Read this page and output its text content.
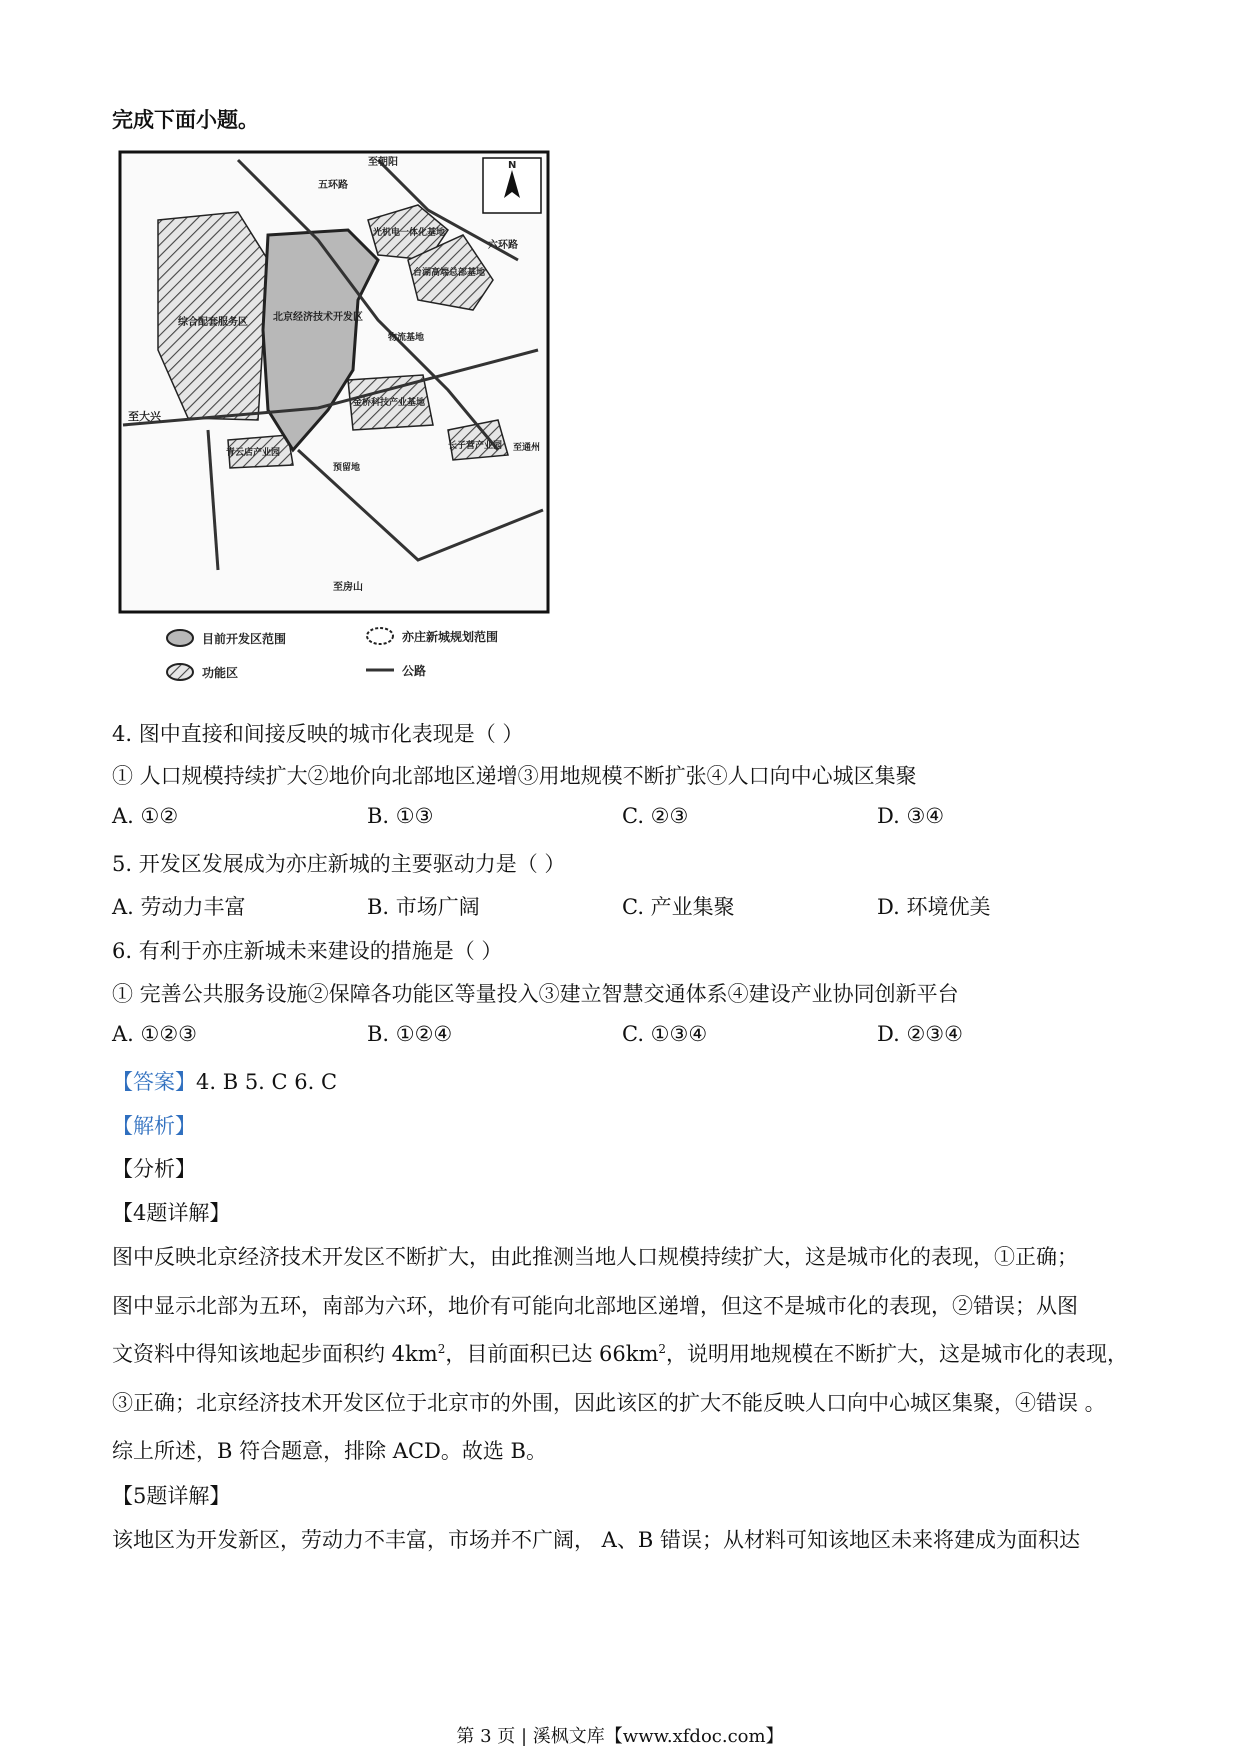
完成下面小题。
N
至朝阳
五环路
六环路
至大兴
至房山
至通州
北京经济技术开发区
光机电一体化基地
台湖高端总部基地
物流基地
金桥科技产业基地
青云店产业园
预留地
长子营产业园
综合配套服务区
目前开发区范围	亦庄新城规划范围
功能区	公路
4. 图中直接和间接反映的城市化表现是（ ）
① 人口规模持续扩大②地价向北部地区递增③用地规模不断扩张④人口向中心城区集聚
A. ①②	B. ①③	C. ②③	D. ③④
5. 开发区发展成为亦庄新城的主要驱动力是（ ）
A. 劳动力丰富	B. 市场广阔	C. 产业集聚	D. 环境优美
6. 有利于亦庄新城未来建设的措施是（ ）
① 完善公共服务设施②保障各功能区等量投入③建立智慧交通体系④建设产业协同创新平台
A. ①②③	B. ①②④	C. ①③④	D. ②③④
【答案】4. B 5. C 6. C
【解析】
【分析】
【4题详解】
图中反映北京经济技术开发区不断扩大，由此推测当地人口规模持续扩大，这是城市化的表现，①正确；
图中显示北部为五环，南部为六环，地价有可能向北部地区递增，但这不是城市化的表现，②错误；从图
文资料中得知该地起步面积约 $4km^2$，目前面积已达 $66km^2$，说明用地规模在不断扩大，这是城市化的表现，
③正确；北京经济技术开发区位于北京市的外围，因此该区的扩大不能反映人口向中心城区集聚，④错误 。
综上所述，B 符合题意，排除 ACD。故选 B。
【5题详解】
该地区为开发新区，劳动力不丰富，市场并不广阔， A、B 错误；从材料可知该地区未来将建成为面积达
第 3 页 | 溪枫文库【www.xfdoc.com】
